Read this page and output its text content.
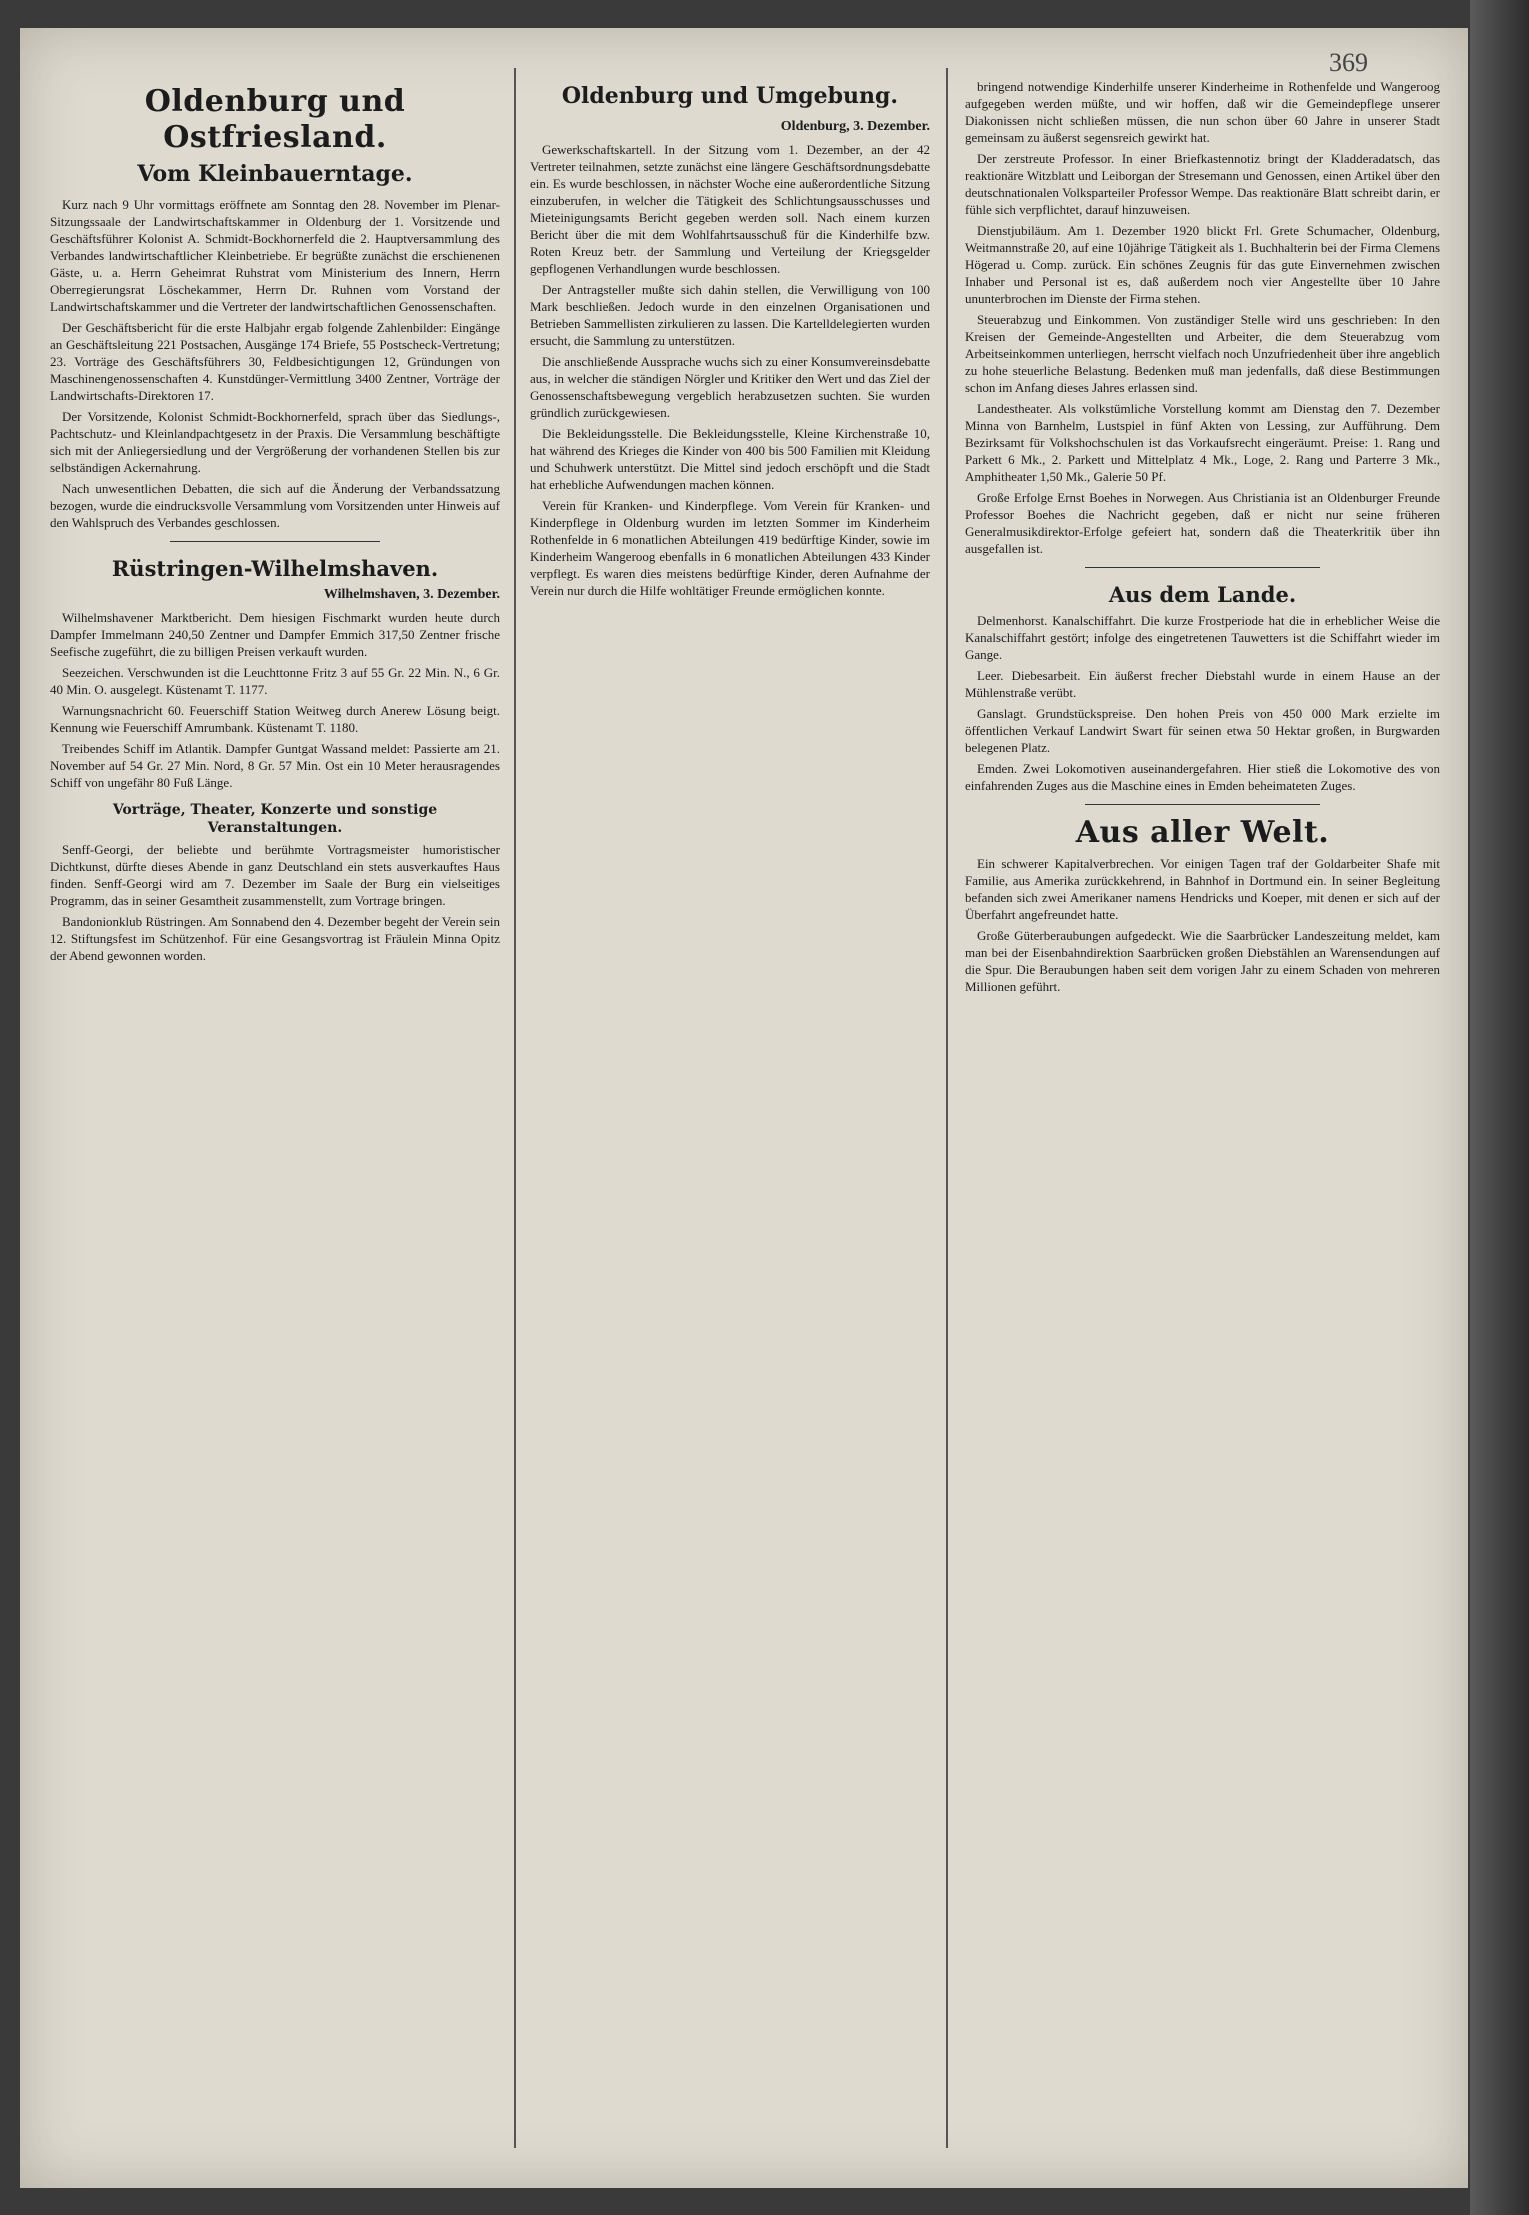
369
Oldenburg und Ostfriesland.
Vom Kleinbauerntage.

Kurz nach 9 Uhr vormittags eröffnete am Sonntag den 28. November im Plenar-Sitzungssaale der Landwirtschaftskammer in Oldenburg der 1. Vorsitzende und Geschäftsführer Kolonist A. Schmidt-Bockhornerfeld die 2. Hauptversammlung des Verbandes landwirtschaftlicher Kleinbetriebe. Er begrüßte zunächst die erschienenen Gäste, u. a. Herrn Geheimrat Ruhstrat vom Ministerium des Innern, Herrn Oberregierungsrat Löschekammer, Herrn Dr. Ruhnen vom Vorstand der Landwirtschaftskammer und die Vertreter der landwirtschaftlichen Genossenschaften.

Der Geschäftsbericht für die erste Halbjahr ergab folgende Zahlenbilder: Eingänge an Geschäftsleitung 221 Postsachen, Ausgänge 174 Briefe, 55 Postscheck-Vertretung; 23. Vorträge des Geschäftsführers 30, Feldbesichtigungen 12, Gründungen von Maschinengenossenschaften 4. Kunstdünger-Vermittlung 3400 Zentner, Vorträge der Landwirtschafts-Direktoren 17.

Der Vorsitzende, Kolonist Schmidt-Bockhornerfeld, sprach über das Siedlungs-, Pachtschutz- und Kleinlandpachtgesetz in der Praxis. Die Versammlung beschäftigte sich mit der Anliegersiedlung und der Vergrößerung der vorhandenen Stellen bis zur selbständigen Ackernahrung.

Nach unwesentlichen Debatten, die sich auf die Änderung der Verbandssatzung bezogen, wurde die eindrucksvolle Versammlung vom Vorsitzenden unter Hinweis auf den Wahlspruch des Verbandes geschlossen.

Rüstringen-Wilhelmshaven.
Wilhelmshaven, 3. Dezember.

Wilhelmshavener Marktbericht. Dem hiesigen Fischmarkt wurden heute durch Dampfer Immelmann 240,50 Zentner und Dampfer Emmich 317,50 Zentner frische Seefische zugeführt, die zu billigen Preisen verkauft wurden.

Seezeichen. Verschwunden ist die Leuchttonne Fritz 3 auf 55 Gr. 22 Min. N., 6 Gr. 40 Min. O. ausgelegt. Küstenamt T. 1177.

Warnungsnachricht 60. Feuerschiff Station Weitweg durch Anerew Lösung beigt. Kennung wie Feuerschiff Amrumbank. Küstenamt T. 1180.

Treibendes Schiff im Atlantik. Dampfer Guntgat Wassand meldet: Passierte am 21. November auf 54 Gr. 27 Min. Nord, 8 Gr. 57 Min. Ost ein 10 Meter herausragendes Schiff von ungefähr 80 Fuß Länge.

Vorträge, Theater, Konzerte und sonstige Veranstaltungen.

Senff-Georgi, der beliebte und berühmte Vortragsmeister humoristischer Dichtkunst, dürfte dieses Abende in ganz Deutschland ein stets ausverkauftes Haus finden. Senff-Georgi wird am 7. Dezember im Saale der Burg ein vielseitiges Programm, das in seiner Gesamtheit zusammenstellt, zum Vortrage bringen.

Bandonionklub Rüstringen. Am Sonnabend den 4. Dezember begeht der Verein sein 12. Stiftungsfest im Schützenhof. Für eine Gesangsvortrag ist Fräulein Minna Opitz der Abend gewonnen worden.

Oldenburg und Umgebung.
Oldenburg, 3. Dezember.

Gewerkschaftskartell. In der Sitzung vom 1. Dezember, an der 42 Vertreter teilnahmen, setzte zunächst eine längere Geschäftsordnungsdebatte ein. Es wurde beschlossen, in nächster Woche eine außerordentliche Sitzung einzuberufen, in welcher die Tätigkeit des Schlichtungsausschusses und Mieteinigungsamts Bericht gegeben werden soll. Nach einem kurzen Bericht über die mit dem Wohlfahrtsausschuß für die Kinderhilfe bzw. Roten Kreuz betr. der Sammlung und Verteilung der Kriegsgelder gepflogenen Verhandlungen wurde beschlossen.

Der Antragsteller mußte sich dahin stellen, die Verwilligung von 100 Mark beschließen. Jedoch wurde in den einzelnen Organisationen und Betrieben Sammellisten zirkulieren zu lassen. Die Kartelldelegierten wurden ersucht, die Sammlung zu unterstützen.

Die anschließende Aussprache wuchs sich zu einer Konsumvereinsdebatte aus, in welcher die ständigen Nörgler und Kritiker den Wert und das Ziel der Genossenschaftsbewegung vergeblich herabzusetzen suchten. Sie wurden gründlich zurückgewiesen.

Die Bekleidungsstelle. Die Bekleidungsstelle, Kleine Kirchenstraße 10, hat während des Krieges die Kinder von 400 bis 500 Familien mit Kleidung und Schuhwerk unterstützt. Die Mittel sind jedoch erschöpft und die Stadt hat erhebliche Aufwendungen machen können.

Verein für Kranken- und Kinderpflege. Vom Verein für Kranken- und Kinderpflege in Oldenburg wurden im letzten Sommer im Kinderheim Rothenfelde in 6 monatlichen Abteilungen 419 bedürftige Kinder, sowie im Kinderheim Wangeroog ebenfalls in 6 monatlichen Abteilungen 433 Kinder verpflegt. Es waren dies meistens bedürftige Kinder, deren Aufnahme der Verein nur durch die Hilfe wohltätiger Freunde ermöglichen konnte.

bringend notwendige Kinderhilfe unserer Kinderheime in Rothenfelde und Wangeroog aufgegeben werden müßte, und wir hoffen, daß wir die Gemeindepflege unserer Diakonissen nicht schließen müssen, die nun schon über 60 Jahre in unserer Stadt gemeinsam zu äußerst segensreich gewirkt hat.

Der zerstreute Professor. In einer Briefkastennotiz bringt der Kladderadatsch, das reaktionäre Witzblatt und Leiborgan der Stresemann und Genossen, einen Artikel über den deutschnationalen Volksparteiler Professor Wempe. Das reaktionäre Blatt schreibt darin, er fühle sich verpflichtet, darauf hinzuweisen.

Dienstjubiläum. Am 1. Dezember 1920 blickt Frl. Grete Schumacher, Oldenburg, Weitmannstraße 20, auf eine 10jährige Tätigkeit als 1. Buchhalterin bei der Firma Clemens Högerad u. Comp. zurück. Ein schönes Zeugnis für das gute Einvernehmen zwischen Inhaber und Personal ist es, daß außerdem noch vier Angestellte über 10 Jahre ununterbrochen im Dienste der Firma stehen.

Steuerabzug und Einkommen. Von zuständiger Stelle wird uns geschrieben: In den Kreisen der Gemeinde-Angestellten und Arbeiter, die dem Steuerabzug vom Arbeitseinkommen unterliegen, herrscht vielfach noch Unzufriedenheit über ihre angeblich zu hohe steuerliche Belastung. Bedenken muß man jedenfalls, daß diese Bestimmungen schon im Anfang dieses Jahres erlassen sind.

Landestheater. Als volkstümliche Vorstellung kommt am Dienstag den 7. Dezember Minna von Barnhelm, Lustspiel in fünf Akten von Lessing, zur Aufführung. Dem Bezirksamt für Volkshochschulen ist das Vorkaufsrecht eingeräumt. Preise: 1. Rang und Parkett 6 Mk., 2. Parkett und Mittelplatz 4 Mk., Loge, 2. Rang und Parterre 3 Mk., Amphitheater 1,50 Mk., Galerie 50 Pf.

Große Erfolge Ernst Boehes in Norwegen. Aus Christiania ist an Oldenburger Freunde Professor Boehes die Nachricht gegeben, daß er nicht nur seine früheren Generalmusikdirektor-Erfolge gefeiert hat, sondern daß die Theaterkritik über ihn ausgefallen ist.

Aus dem Lande.

Delmenhorst. Kanalschiffahrt. Die kurze Frostperiode hat die in erheblicher Weise die Kanalschiffahrt gestört; infolge des eingetretenen Tauwetters ist die Schiffahrt wieder im Gange.

Leer. Diebesarbeit. Ein äußerst frecher Diebstahl wurde in einem Hause an der Mühlenstraße verübt.

Ganslagt. Grundstückspreise. Den hohen Preis von 450 000 Mark erzielte im öffentlichen Verkauf Landwirt Swart für seinen etwa 50 Hektar großen, in Burgwarden belegenen Platz.

Emden. Zwei Lokomotiven auseinandergefahren. Hier stieß die Lokomotive des von einfahrenden Zuges aus die Maschine eines in Emden beheimateten Zuges.

Aus aller Welt.

Ein schwerer Kapitalverbrechen. Vor einigen Tagen traf der Goldarbeiter Shafe mit Familie, aus Amerika zurückkehrend, in Bahnhof in Dortmund ein. In seiner Begleitung befanden sich zwei Amerikaner namens Hendricks und Koeper, mit denen er sich auf der Überfahrt angefreundet hatte.

Große Güterberaubungen aufgedeckt. Wie die Saarbrücker Landeszeitung meldet, kam man bei der Eisenbahndirektion Saarbrücken großen Diebstählen an Warensendungen auf die Spur. Die Beraubungen haben seit dem vorigen Jahr zu einem Schaden von mehreren Millionen geführt.
